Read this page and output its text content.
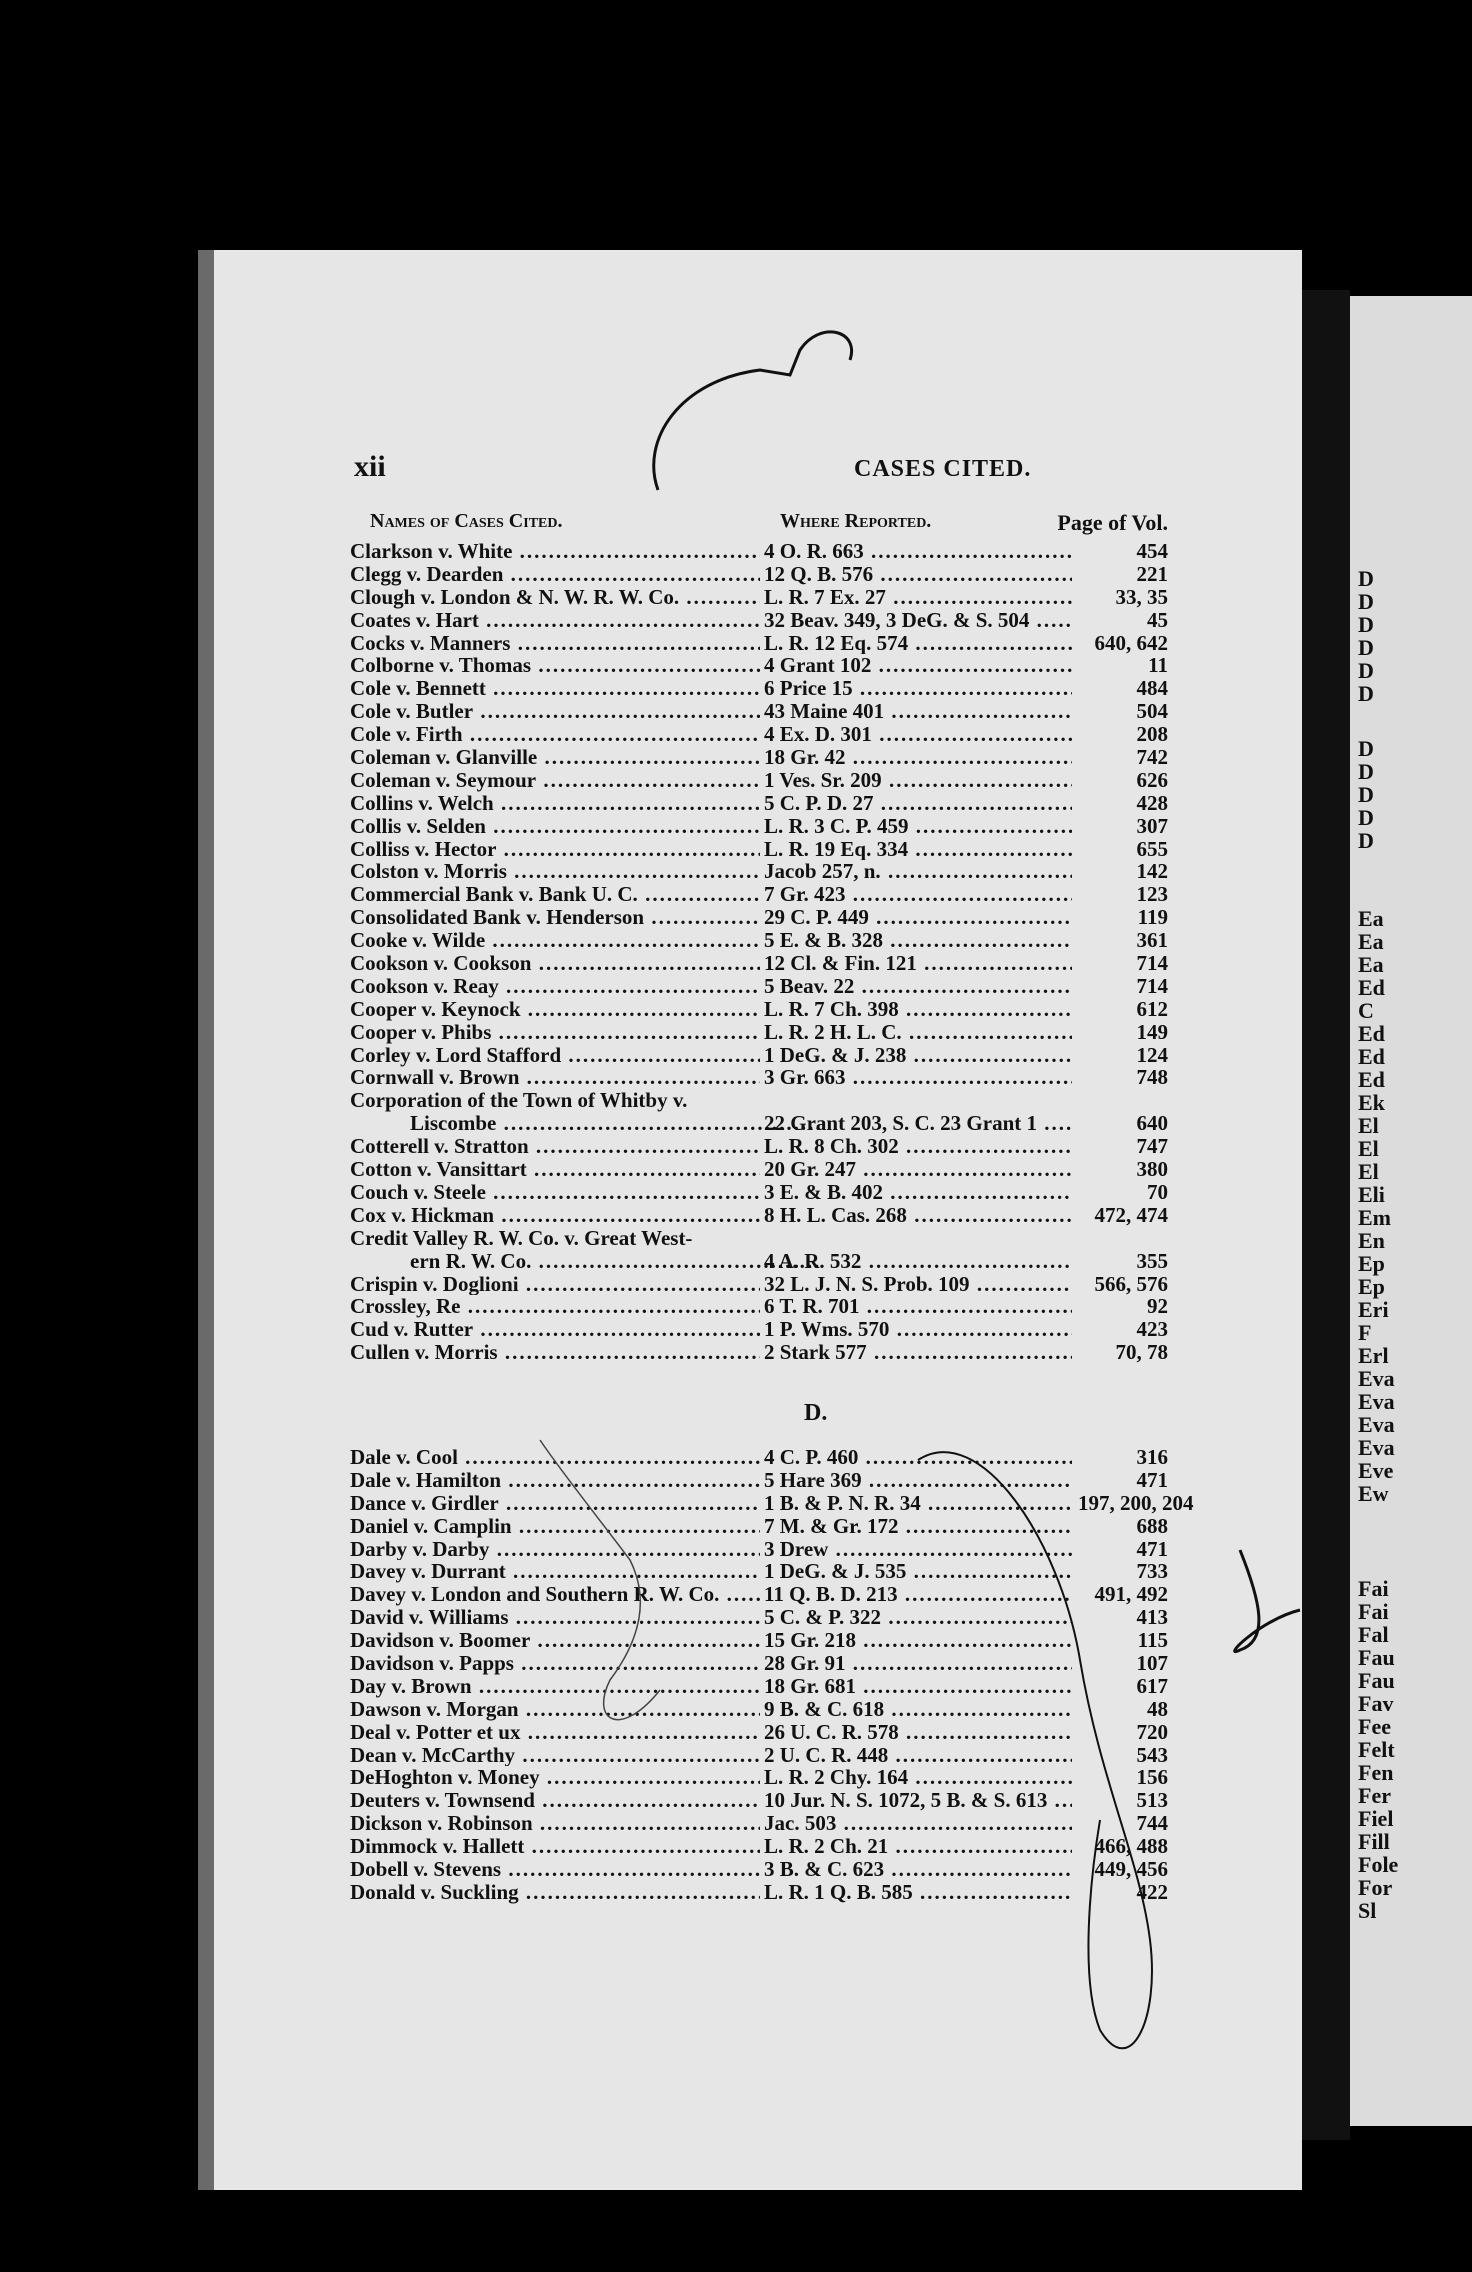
D
D
D
D
D
D
D
D
D
D
D
Ea
Ea
Ea
Ed
C
Ed
Ed
Ed
Ek
El
El
El
Eli
Em
En
Ep
Ep
Eri
F
Erl
Eva
Eva
Eva
Eva
Eve
Ew
Fai
Fai
Fal
Fau
Fau
Fav
Fee
Felt
Fen
Fer
Fiel
Fill
Fole
For
Sl
xii	CASES CITED.
Names of Cases Cited.	Where Reported.	Page of Vol.
Clarkson v. White .....	4 O. R. 663 .....	454
Clegg v. Dearden .....	12 Q. B. 576 .....	221
Clough v. London & N. W. R. W. Co. .....	L. R. 7 Ex. 27 .....	33, 35
Coates v. Hart .....	32 Beav. 349, 3 DeG. & S. 504 .....	45
Cocks v. Manners .....	L. R. 12 Eq. 574 .....	640, 642
Colborne v. Thomas .....	4 Grant 102 .....	11
Cole v. Bennett .....	6 Price 15 .....	484
Cole v. Butler .....	43 Maine 401 .....	504
Cole v. Firth .....	4 Ex. D. 301 .....	208
Coleman v. Glanville .....	18 Gr. 42 .....	742
Coleman v. Seymour .....	1 Ves. Sr. 209 .....	626
Collins v. Welch .....	5 C. P. D. 27 .....	428
Collis v. Selden .....	L. R. 3 C. P. 459 .....	307
Colliss v. Hector .....	L. R. 19 Eq. 334 .....	655
Colston v. Morris .....	Jacob 257, n. .....	142
Commercial Bank v. Bank U. C. .....	7 Gr. 423 .....	123
Consolidated Bank v. Henderson .....	29 C. P. 449 .....	119
Cooke v. Wilde .....	5 E. & B. 328 .....	361
Cookson v. Cookson .....	12 Cl. & Fin. 121 .....	714
Cookson v. Reay .....	5 Beav. 22 .....	714
Cooper v. Keynock .....	L. R. 7 Ch. 398 .....	612
Cooper v. Phibs .....	L. R. 2 H. L. C. .....	149
Corley v. Lord Stafford .....	1 DeG. & J. 238 .....	124
Cornwall v. Brown .....	3 Gr. 663 .....	748
Corporation of the Town of Whitby v.
Liscombe .....	22 Grant 203, S. C. 23 Grant 1 .....	640
Cotterell v. Stratton .....	L. R. 8 Ch. 302 .....	747
Cotton v. Vansittart .....	20 Gr. 247 .....	380
Couch v. Steele .....	3 E. & B. 402 .....	70
Cox v. Hickman .....	8 H. L. Cas. 268 .....	472, 474
Credit Valley R. W. Co. v. Great West-
ern R. W. Co. .....	4 A. R. 532 .....	355
Crispin v. Doglioni .....	32 L. J. N. S. Prob. 109 .....	566, 576
Crossley, Re .....	6 T. R. 701 .....	92
Cud v. Rutter .....	1 P. Wms. 570 .....	423
Cullen v. Morris .....	2 Stark 577 .....	70, 78
D.
Dale v. Cool .....	4 C. P. 460 .....	316
Dale v. Hamilton .....	5 Hare 369 .....	471
Dance v. Girdler .....	1 B. & P. N. R. 34 .....	197, 200, 204
Daniel v. Camplin .....	7 M. & Gr. 172 .....	688
Darby v. Darby .....	3 Drew .....	471
Davey v. Durrant .....	1 DeG. & J. 535 .....	733
Davey v. London and Southern R. W. Co. .....	11 Q. B. D. 213 .....	491, 492
David v. Williams .....	5 C. & P. 322 .....	413
Davidson v. Boomer .....	15 Gr. 218 .....	115
Davidson v. Papps .....	28 Gr. 91 .....	107
Day v. Brown .....	18 Gr. 681 .....	617
Dawson v. Morgan .....	9 B. & C. 618 .....	48
Deal v. Potter et ux .....	26 U. C. R. 578 .....	720
Dean v. McCarthy .....	2 U. C. R. 448 .....	543
DeHoghton v. Money .....	L. R. 2 Chy. 164 .....	156
Deuters v. Townsend .....	10 Jur. N. S. 1072, 5 B. & S. 613 .....	513
Dickson v. Robinson .....	Jac. 503 .....	744
Dimmock v. Hallett .....	L. R. 2 Ch. 21 .....	466, 488
Dobell v. Stevens .....	3 B. & C. 623 .....	449, 456
Donald v. Suckling .....	L. R. 1 Q. B. 585 .....	422
